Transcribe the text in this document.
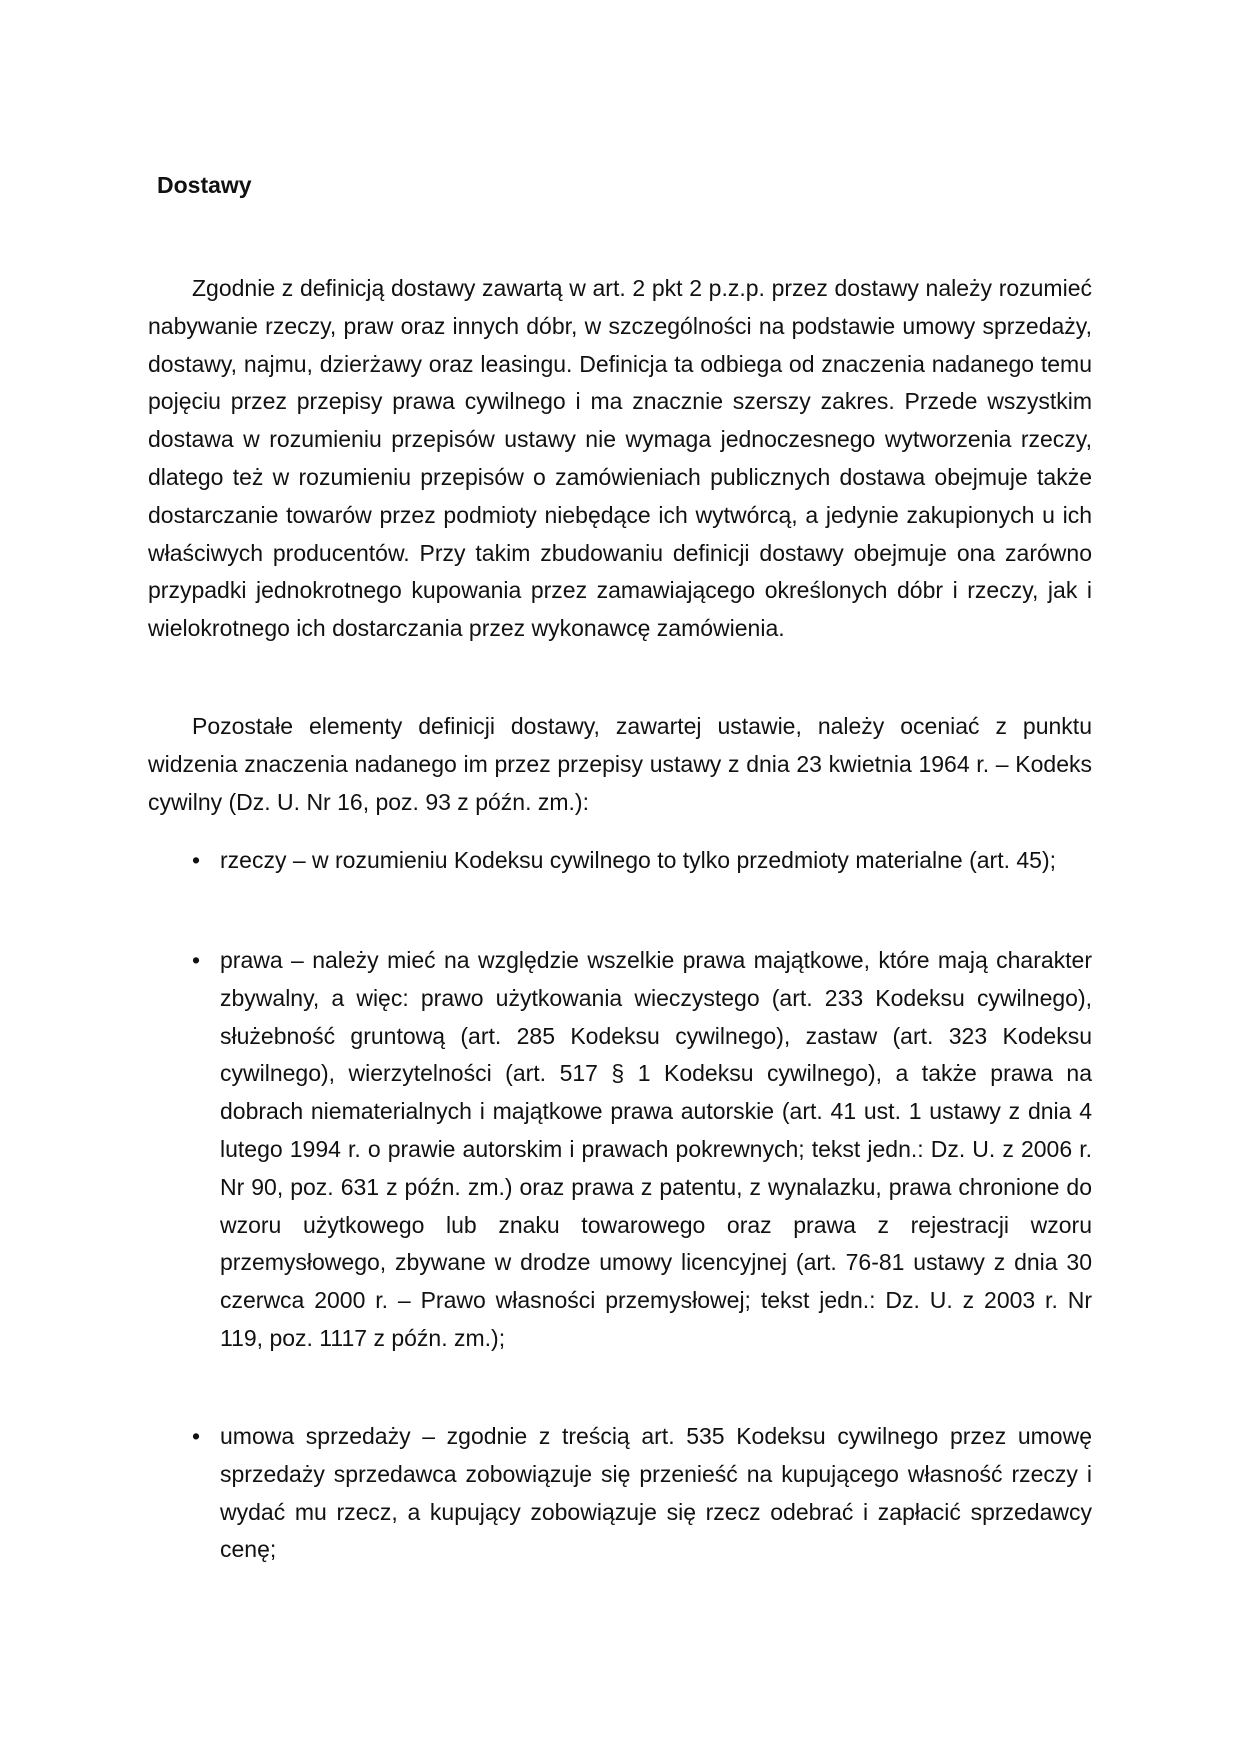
Dostawy

Zgodnie z definicją dostawy zawartą w art. 2 pkt 2 p.z.p. przez dostawy należy rozumieć nabywanie rzeczy, praw oraz innych dóbr, w szczególności na podstawie umowy sprzedaży, dostawy, najmu, dzierżawy oraz leasingu. Definicja ta odbiega od znaczenia nadanego temu pojęciu przez przepisy prawa cywilnego i ma znacznie szerszy zakres. Przede wszystkim dostawa w rozumieniu przepisów ustawy nie wymaga jednoczesnego wytworzenia rzeczy, dlatego też w rozumieniu przepisów o zamówieniach publicznych dostawa obejmuje także dostarczanie towarów przez podmioty niebędące ich wytwórcą, a jedynie zakupionych u ich właściwych producentów. Przy takim zbudowaniu definicji dostawy obejmuje ona zarówno przypadki jednokrotnego kupowania przez zamawiającego określonych dóbr i rzeczy, jak i wielokrotnego ich dostarczania przez wykonawcę zamówienia.

Pozostałe elementy definicji dostawy, zawartej ustawie, należy oceniać z punktu widzenia znaczenia nadanego im przez przepisy ustawy z dnia 23 kwietnia 1964 r. – Kodeks cywilny (Dz. U. Nr 16, poz. 93 z późn. zm.):

• rzeczy – w rozumieniu Kodeksu cywilnego to tylko przedmioty materialne (art. 45);
• prawa – należy mieć na względzie wszelkie prawa majątkowe, które mają charakter zbywalny, a więc: prawo użytkowania wieczystego (art. 233 Kodeksu cywilnego), służebność gruntową (art. 285 Kodeksu cywilnego), zastaw (art. 323 Kodeksu cywilnego), wierzytelności (art. 517 § 1 Kodeksu cywilnego), a także prawa na dobrach niematerialnych i majątkowe prawa autorskie (art. 41 ust. 1 ustawy z dnia 4 lutego 1994 r. o prawie autorskim i prawach pokrewnych; tekst jedn.: Dz. U. z 2006 r. Nr 90, poz. 631 z późn. zm.) oraz prawa z patentu, z wynalazku, prawa chronione do wzoru użytkowego lub znaku towarowego oraz prawa z rejestracji wzoru przemysłowego, zbywane w drodze umowy licencyjnej (art. 76-81 ustawy z dnia 30 czerwca 2000 r. – Prawo własności przemysłowej; tekst jedn.: Dz. U. z 2003 r. Nr 119, poz. 1117 z późn. zm.);
• umowa sprzedaży – zgodnie z treścią art. 535 Kodeksu cywilnego przez umowę sprzedaży sprzedawca zobowiązuje się przenieść na kupującego własność rzeczy i wydać mu rzecz, a kupujący zobowiązuje się rzecz odebrać i zapłacić sprzedawcy cenę;
